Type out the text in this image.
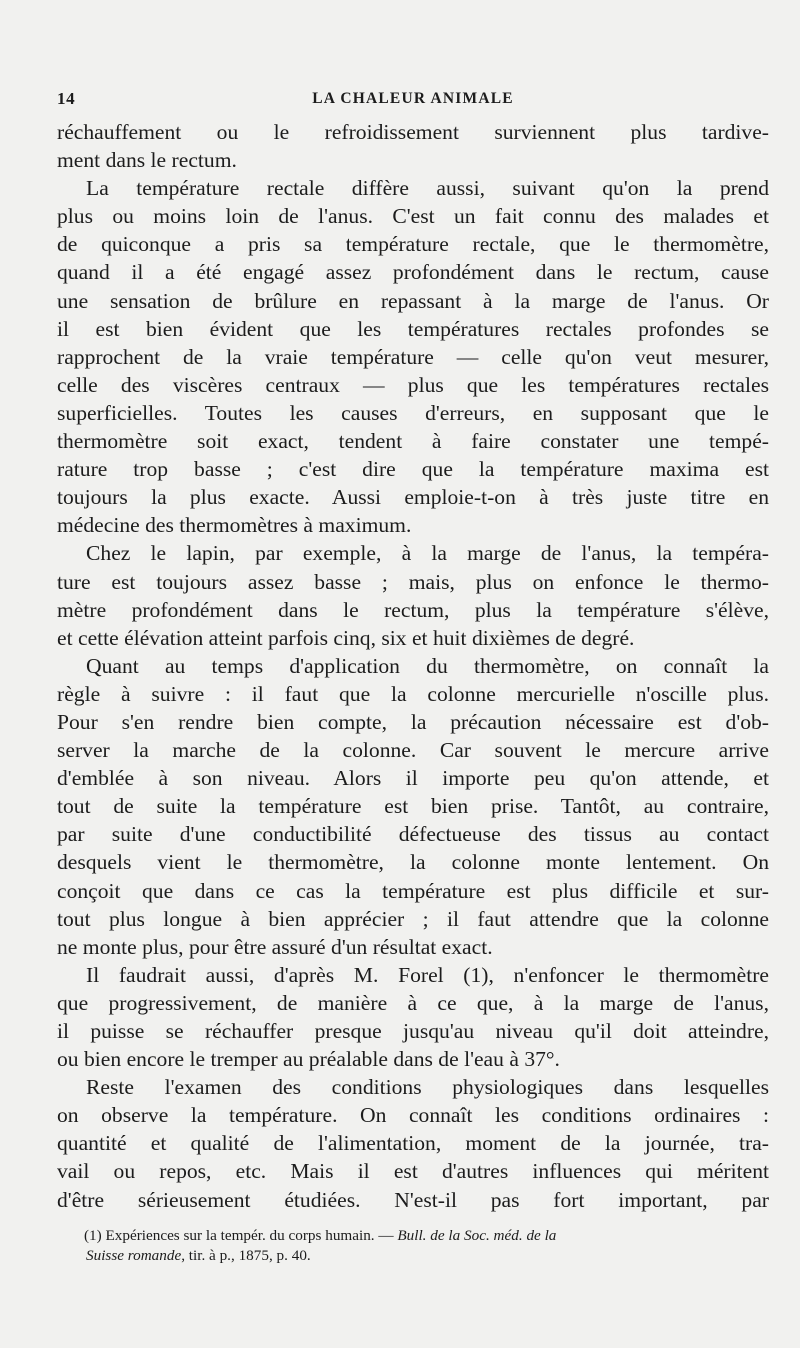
14	LA CHALEUR ANIMALE
réchauffement ou le refroidissement surviennent plus tardive-
ment dans le rectum.
La température rectale diffère aussi, suivant qu'on la prend
plus ou moins loin de l'anus. C'est un fait connu des malades et
de quiconque a pris sa température rectale, que le thermomètre,
quand il a été engagé assez profondément dans le rectum, cause
une sensation de brûlure en repassant à la marge de l'anus. Or
il est bien évident que les températures rectales profondes se
rapprochent de la vraie température — celle qu'on veut mesurer,
celle des viscères centraux — plus que les températures rectales
superficielles. Toutes les causes d'erreurs, en supposant que le
thermomètre soit exact, tendent à faire constater une tempé-
rature trop basse ; c'est dire que la température maxima est
toujours la plus exacte. Aussi emploie-t-on à très juste titre en
médecine des thermomètres à maximum.
Chez le lapin, par exemple, à la marge de l'anus, la tempéra-
ture est toujours assez basse ; mais, plus on enfonce le thermo-
mètre profondément dans le rectum, plus la température s'élève,
et cette élévation atteint parfois cinq, six et huit dixièmes de degré.
Quant au temps d'application du thermomètre, on connaît la
règle à suivre : il faut que la colonne mercurielle n'oscille plus.
Pour s'en rendre bien compte, la précaution nécessaire est d'ob-
server la marche de la colonne. Car souvent le mercure arrive
d'emblée à son niveau. Alors il importe peu qu'on attende, et
tout de suite la température est bien prise. Tantôt, au contraire,
par suite d'une conductibilité défectueuse des tissus au contact
desquels vient le thermomètre, la colonne monte lentement. On
conçoit que dans ce cas la température est plus difficile et sur-
tout plus longue à bien apprécier ; il faut attendre que la colonne
ne monte plus, pour être assuré d'un résultat exact.
Il faudrait aussi, d'après M. Forel (1), n'enfoncer le thermomètre
que progressivement, de manière à ce que, à la marge de l'anus,
il puisse se réchauffer presque jusqu'au niveau qu'il doit atteindre,
ou bien encore le tremper au préalable dans de l'eau à 37°.
Reste l'examen des conditions physiologiques dans lesquelles
on observe la température. On connaît les conditions ordinaires :
quantité et qualité de l'alimentation, moment de la journée, tra-
vail ou repos, etc. Mais il est d'autres influences qui méritent
d'être sérieusement étudiées. N'est-il pas fort important, par
(1) Expériences sur la tempér. du corps humain. — Bull. de la Soc. méd. de la
Suisse romande, tir. à p., 1875, p. 40.
